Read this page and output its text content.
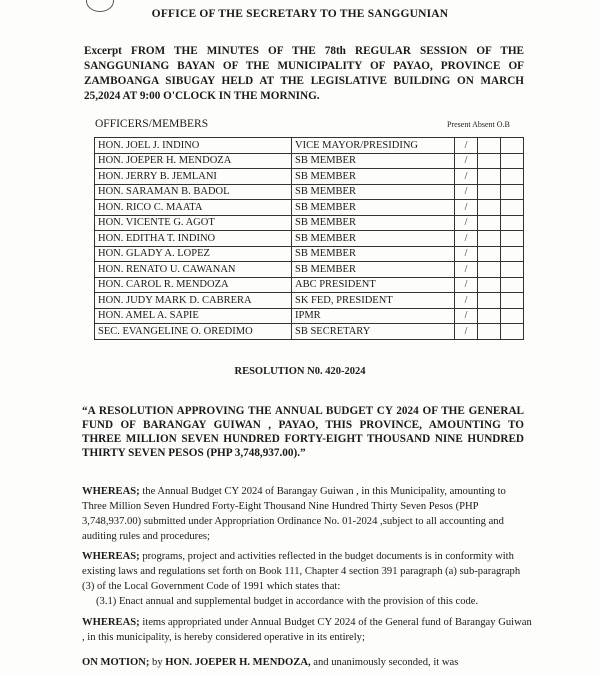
OFFICE OF THE SECRETARY TO THE SANGGUNIAN
Excerpt FROM THE MINUTES OF THE 78th REGULAR SESSION OF THE SANGGUNIANG BAYAN OF THE MUNICIPALITY OF PAYAO, PROVINCE OF ZAMBOANGA SIBUGAY HELD AT THE LEGISLATIVE BUILDING ON MARCH 25,2024 AT 9:00 O'CLOCK IN THE MORNING.
OFFICERS/MEMBERS	Present Absent O.B
HON. JOEL J. INDINO	VICE MAYOR/PRESIDING	/		
HON. JOEPER H. MENDOZA	SB MEMBER	/		
HON. JERRY B. JEMLANI	SB MEMBER	/		
HON. SARAMAN B. BADOL	SB MEMBER	/		
HON. RICO C. MAATA	SB MEMBER	/		
HON. VICENTE G. AGOT	SB MEMBER	/		
HON. EDITHA T. INDINO	SB MEMBER	/		
HON. GLADY A. LOPEZ	SB MEMBER	/		
HON. RENATO U. CAWANAN	SB MEMBER	/		
HON. CAROL R. MENDOZA	ABC PRESIDENT	/		
HON. JUDY MARK D. CABRERA	SK FED, PRESIDENT	/		
HON. AMEL A. SAPIE	IPMR	/		
SEC. EVANGELINE O. OREDIMO	SB SECRETARY	/		
RESOLUTION N0. 420-2024
“A RESOLUTION APPROVING THE ANNUAL BUDGET CY 2024 OF THE GENERAL FUND OF BARANGAY GUIWAN , PAYAO, THIS PROVINCE, AMOUNTING TO THREE MILLION SEVEN HUNDRED FORTY-EIGHT THOUSAND NINE HUNDRED THIRTY SEVEN PESOS (PHP 3,748,937.00).”
WHEREAS; the Annual Budget CY 2024 of Barangay Guiwan , in this Municipality, amounting to Three Million Seven Hundred Forty-Eight Thousand Nine Hundred Thirty Seven Pesos (PHP 3,748,937.00) submitted under Appropriation Ordinance No. 01-2024 ,subject to all accounting and auditing rules and procedures;
WHEREAS; programs, project and activities reflected in the budget documents is in conformity with existing laws and regulations set forth on Book 111, Chapter 4 section 391 paragraph (a) sub-paragraph (3) of the Local Government Code of 1991 which states that:
(3.1) Enact annual and supplemental budget in accordance with the provision of this code.
WHEREAS; items appropriated under Annual Budget CY 2024 of the General fund of Barangay Guiwan , in this municipality, is hereby considered operative in its entirely;
ON MOTION; by HON. JOEPER H. MENDOZA, and unanimously seconded, it was
